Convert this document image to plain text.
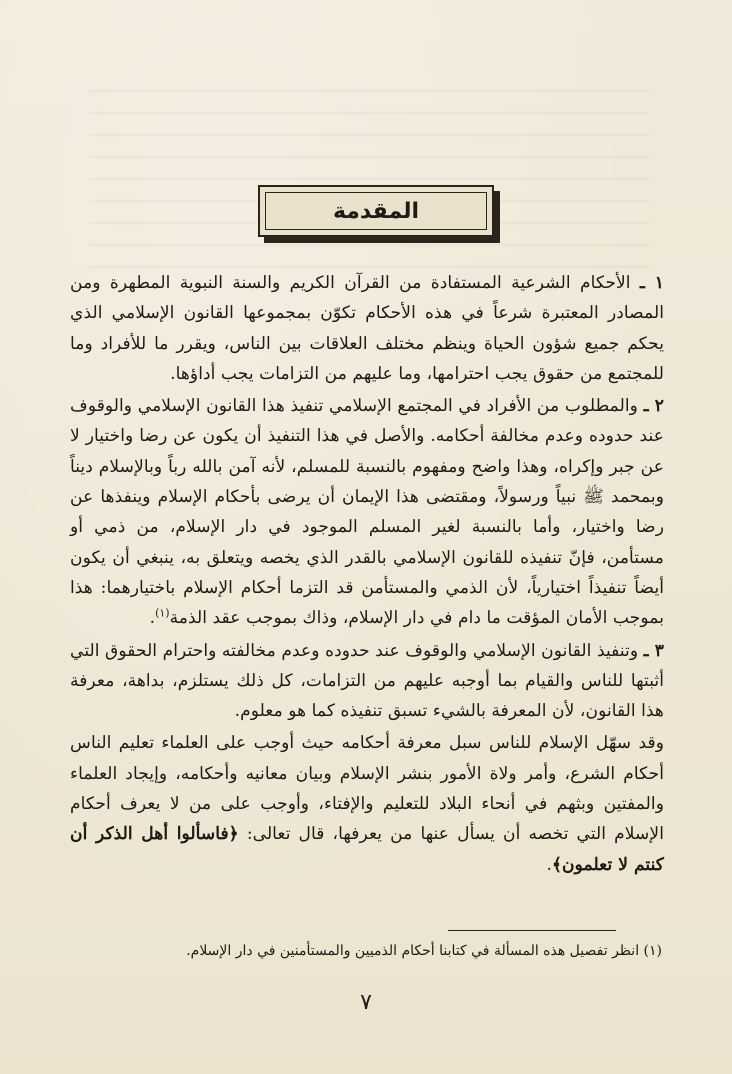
المقدمة

١ ـ الأحكام الشرعية المستفادة من القرآن الكريم والسنة النبوية المطهرة ومن المصادر المعتبرة شرعاً في هذه الأحكام تكوّن بمجموعها القانون الإسلامي الذي يحكم جميع شؤون الحياة وينظم مختلف العلاقات بين الناس، ويقرر ما للأفراد وما للمجتمع من حقوق يجب احترامها، وما عليهم من التزامات يجب أداؤها.

٢ ـ والمطلوب من الأفراد في المجتمع الإسلامي تنفيذ هذا القانون الإسلامي والوقوف عند حدوده وعدم مخالفة أحكامه. والأصل في هذا التنفيذ أن يكون عن رضا واختيار لا عن جبر وإكراه، وهذا واضح ومفهوم بالنسبة للمسلم، لأنه آمن بالله رباً وبالإسلام ديناً وبمحمد ﷺ نبياً ورسولاً، ومقتضى هذا الإيمان أن يرضى بأحكام الإسلام وينفذها عن رضا واختيار، وأما بالنسبة لغير المسلم الموجود في دار الإسلام، من ذمي أو مستأمن، فإنّ تنفيذه للقانون الإسلامي بالقدر الذي يخصه ويتعلق به، ينبغي أن يكون أيضاً تنفيذاً اختيارياً، لأن الذمي والمستأمن قد التزما أحكام الإسلام باختيارهما: هذا بموجب الأمان المؤقت ما دام في دار الإسلام، وذاك بموجب عقد الذمة$^{(١)}$.

٣ ـ وتنفيذ القانون الإسلامي والوقوف عند حدوده وعدم مخالفته واحترام الحقوق التي أثبتها للناس والقيام بما أوجبه عليهم من التزامات، كل ذلك يستلزم، بداهة، معرفة هذا القانون، لأن المعرفة بالشيء تسبق تنفيذه كما هو معلوم.

وقد سهّل الإسلام للناس سبل معرفة أحكامه حيث أوجب على العلماء تعليم الناس أحكام الشرع، وأمر ولاة الأمور بنشر الإسلام وبيان معانيه وأحكامه، وإيجاد العلماء والمفتين وبثهم في أنحاء البلاد للتعليم والإفتاء، وأوجب على من لا يعرف أحكام الإسلام التي تخصه أن يسأل عنها من يعرفها، قال تعالى: ﴿فاسألوا أهل الذكر أن كنتم لا تعلمون﴾.

(١) انظر تفصيل هذه المسألة في كتابنا أحكام الذميين والمستأمنين في دار الإسلام.
٧
